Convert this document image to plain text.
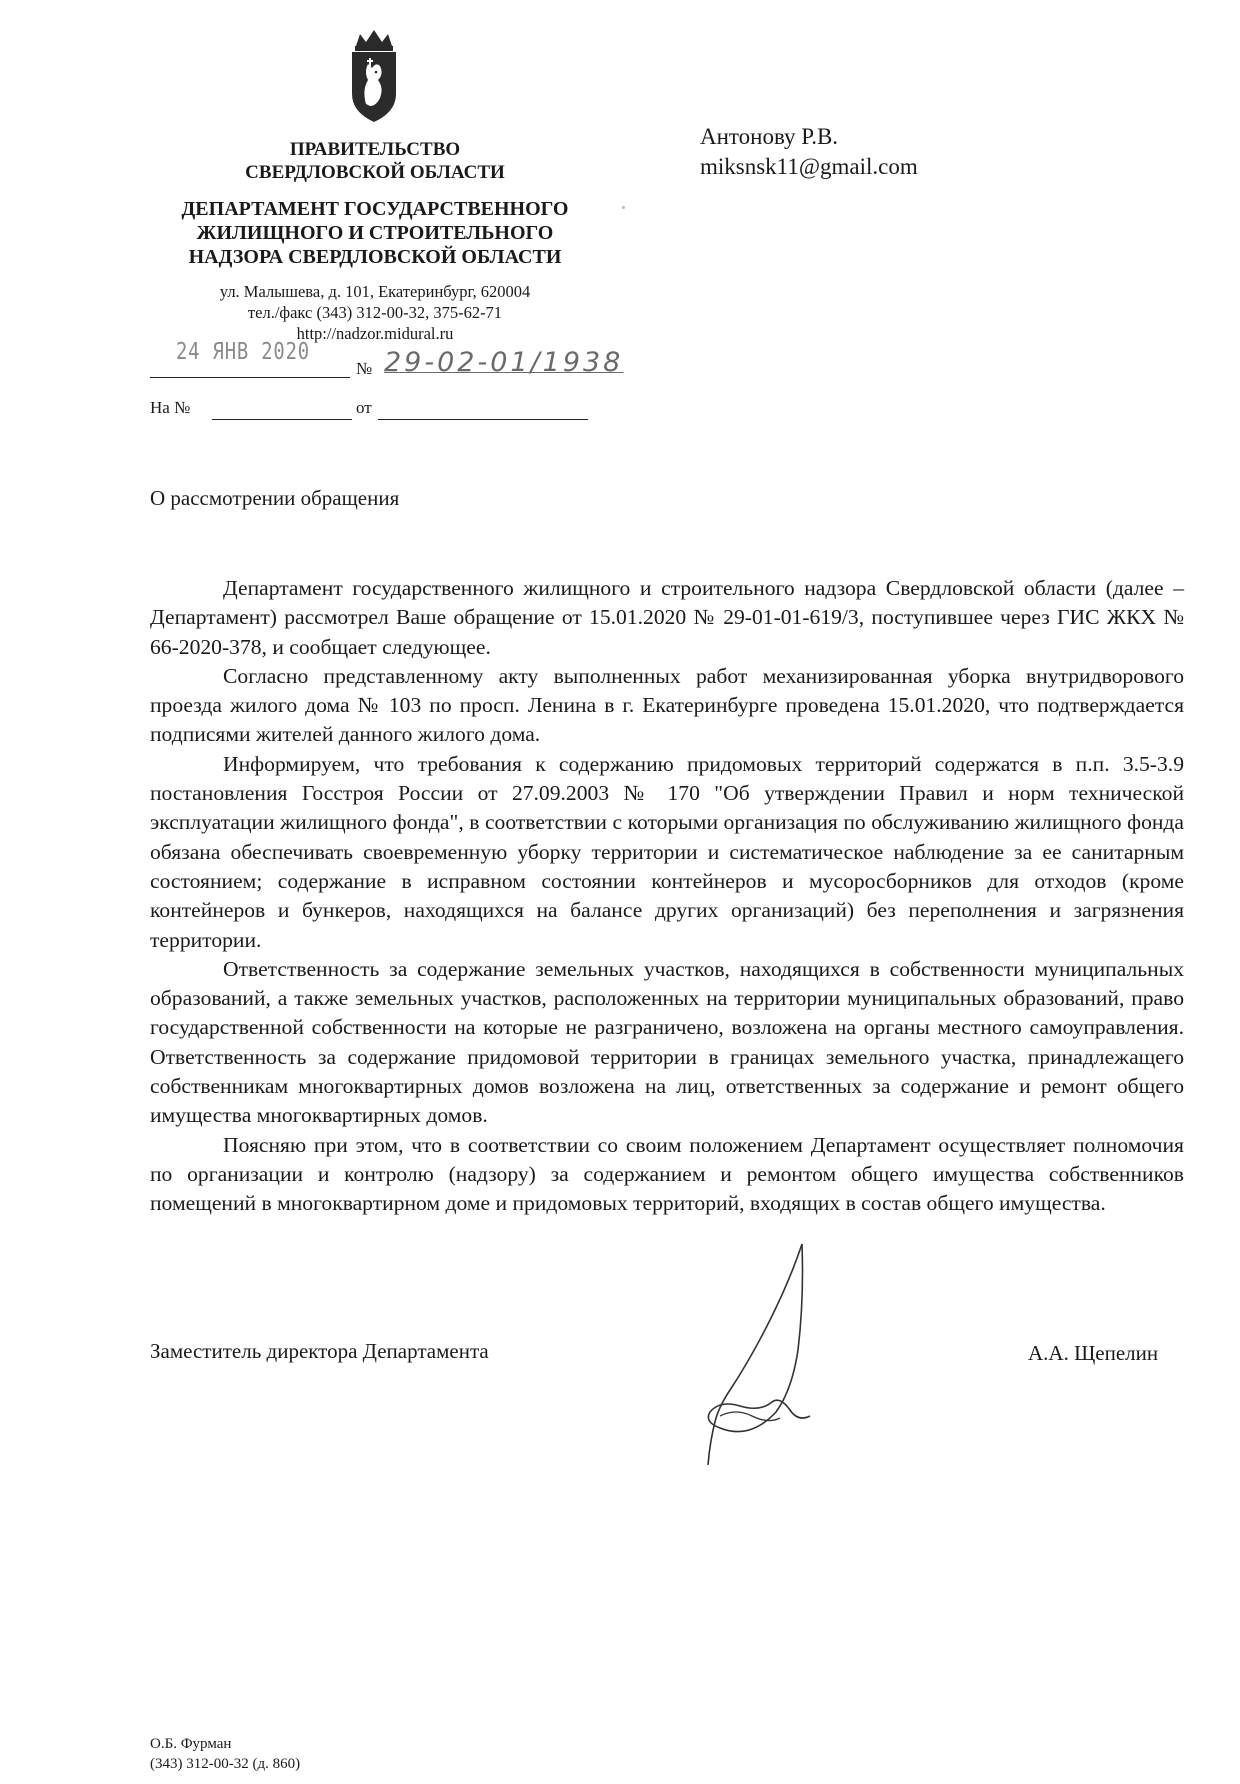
ПРАВИТЕЛЬСТВО
СВЕРДЛОВСКОЙ ОБЛАСТИ
ДЕПАРТАМЕНТ ГОСУДАРСТВЕННОГО
ЖИЛИЩНОГО И СТРОИТЕЛЬНОГО
НАДЗОРА СВЕРДЛОВСКОЙ ОБЛАСТИ
ул. Малышева, д. 101, Екатеринбург, 620004
тел./факс (343) 312-00-32, 375-62-71
http://nadzor.midural.ru
24 ЯНВ 2020
№ 29-02-01/1938
На №	от
Антонову Р.В.
miksnsk11@gmail.com
О рассмотрении обращения

Департамент государственного жилищного и строительного надзора Свердловской области (далее – Департамент) рассмотрел Ваше обращение от 15.01.2020 № 29-01-01-619/3, поступившее через ГИС ЖКХ № 66-2020-378, и сообщает следующее.

Согласно представленному акту выполненных работ механизированная уборка внутридворового проезда жилого дома № 103 по просп. Ленина в г. Екатеринбурге проведена 15.01.2020, что подтверждается подписями жителей данного жилого дома.

Информируем, что требования к содержанию придомовых территорий содержатся в п.п. 3.5-3.9 постановления Госстроя России от 27.09.2003 № 170 "Об утверждении Правил и норм технической эксплуатации жилищного фонда", в соответствии с которыми организация по обслуживанию жилищного фонда обязана обеспечивать своевременную уборку территории и систематическое наблюдение за ее санитарным состоянием; содержание в исправном состоянии контейнеров и мусоросборников для отходов (кроме контейнеров и бункеров, находящихся на балансе других организаций) без переполнения и загрязнения территории.

Ответственность за содержание земельных участков, находящихся в собственности муниципальных образований, а также земельных участков, расположенных на территории муниципальных образований, право государственной собственности на которые не разграничено, возложена на органы местного самоуправления. Ответственность за содержание придомовой территории в границах земельного участка, принадлежащего собственникам многоквартирных домов возложена на лиц, ответственных за содержание и ремонт общего имущества многоквартирных домов.

Поясняю при этом, что в соответствии со своим положением Департамент осуществляет полномочия по организации и контролю (надзору) за содержанием и ремонтом общего имущества собственников помещений в многоквартирном доме и придомовых территорий, входящих в состав общего имущества.

Заместитель директора Департамента	А.А. Щепелин
О.Б. Фурман
(343) 312-00-32 (д. 860)
